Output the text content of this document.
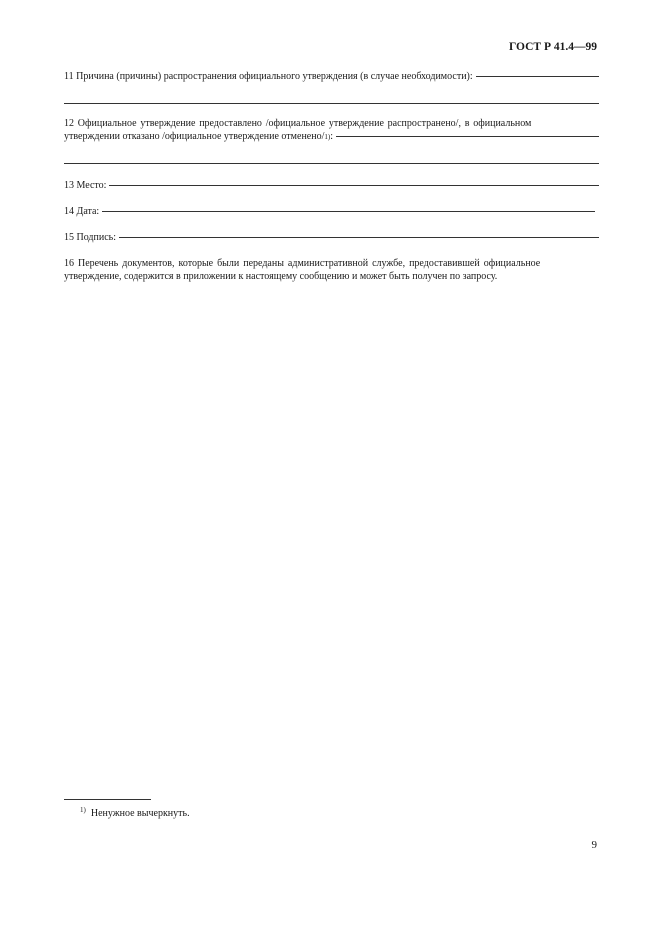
ГОСТ Р 41.4—99
11 Причина (причины) распространения официального утверждения (в случае необходимости):
12 Официальное утверждение предоставлено /официальное утверждение распространено/, в официальном
утверждении отказано /официальное утверждение отменено/ 1) :
13 Место:
14 Дата:
15 Подпись:
16 Перечень документов, которые были переданы административной службе, предоставившей официальное
утверждение, содержится в приложении к настоящему сообщению и может быть получен по запросу.
$^{1)}$ Ненужное вычеркнуть.
9
